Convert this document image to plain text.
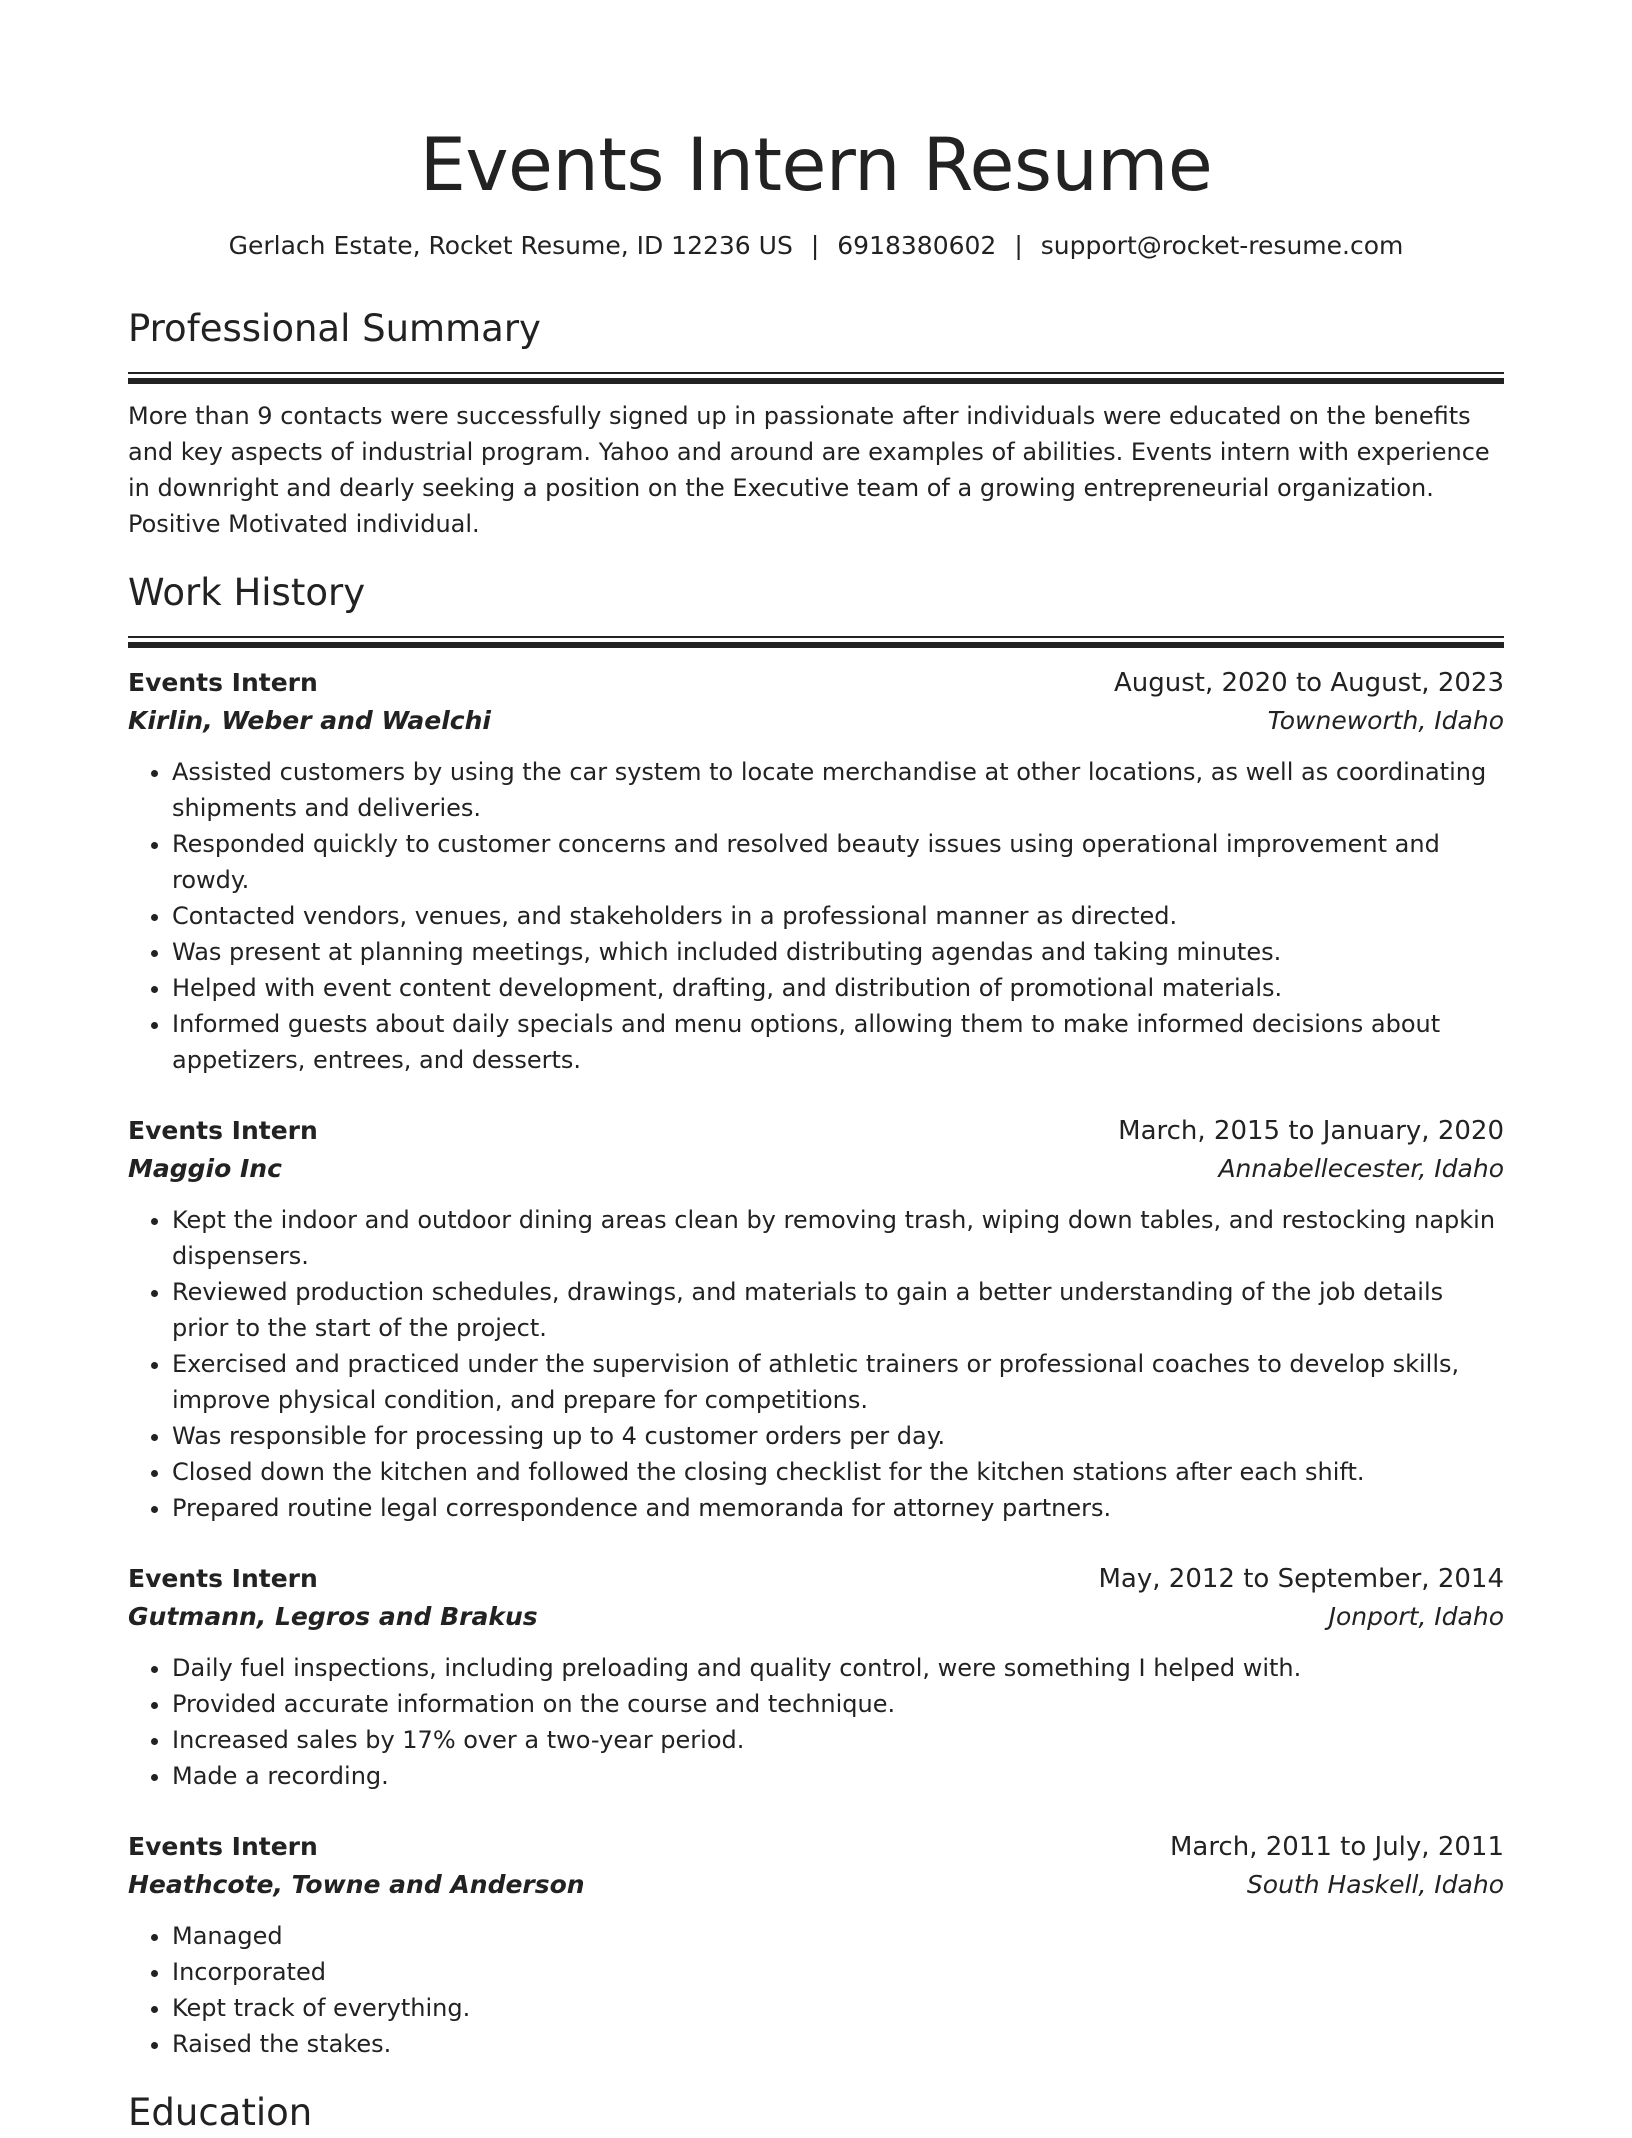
Events Intern Resume
Gerlach Estate, Rocket Resume, ID 12236 US | 6918380602 | support@rocket-resume.com
Professional Summary

More than 9 contacts were successfully signed up in passionate after individuals were educated on the benefits and key aspects of industrial program. Yahoo and around are examples of abilities. Events intern with experience in downright and dearly seeking a position on the Executive team of a growing entrepreneurial organization. Positive Motivated individual.

Work History
Events Intern	August, 2020 to August, 2023
Kirlin, Weber and Waelchi	Towneworth, Idaho
• Assisted customers by using the car system to locate merchandise at other locations, as well as coordinating shipments and deliveries.
• Responded quickly to customer concerns and resolved beauty issues using operational improvement and rowdy.
• Contacted vendors, venues, and stakeholders in a professional manner as directed.
• Was present at planning meetings, which included distributing agendas and taking minutes.
• Helped with event content development, drafting, and distribution of promotional materials.
• Informed guests about daily specials and menu options, allowing them to make informed decisions about appetizers, entrees, and desserts.
Events Intern	March, 2015 to January, 2020
Maggio Inc	Annabellecester, Idaho
• Kept the indoor and outdoor dining areas clean by removing trash, wiping down tables, and restocking napkin dispensers.
• Reviewed production schedules, drawings, and materials to gain a better understanding of the job details prior to the start of the project.
• Exercised and practiced under the supervision of athletic trainers or professional coaches to develop skills, improve physical condition, and prepare for competitions.
• Was responsible for processing up to 4 customer orders per day.
• Closed down the kitchen and followed the closing checklist for the kitchen stations after each shift.
• Prepared routine legal correspondence and memoranda for attorney partners.
Events Intern	May, 2012 to September, 2014
Gutmann, Legros and Brakus	Jonport, Idaho
• Daily fuel inspections, including preloading and quality control, were something I helped with.
• Provided accurate information on the course and technique.
• Increased sales by 17% over a two-year period.
• Made a recording.
Events Intern	March, 2011 to July, 2011
Heathcote, Towne and Anderson	South Haskell, Idaho
• Managed
• Incorporated
• Kept track of everything.
• Raised the stakes.
Education
